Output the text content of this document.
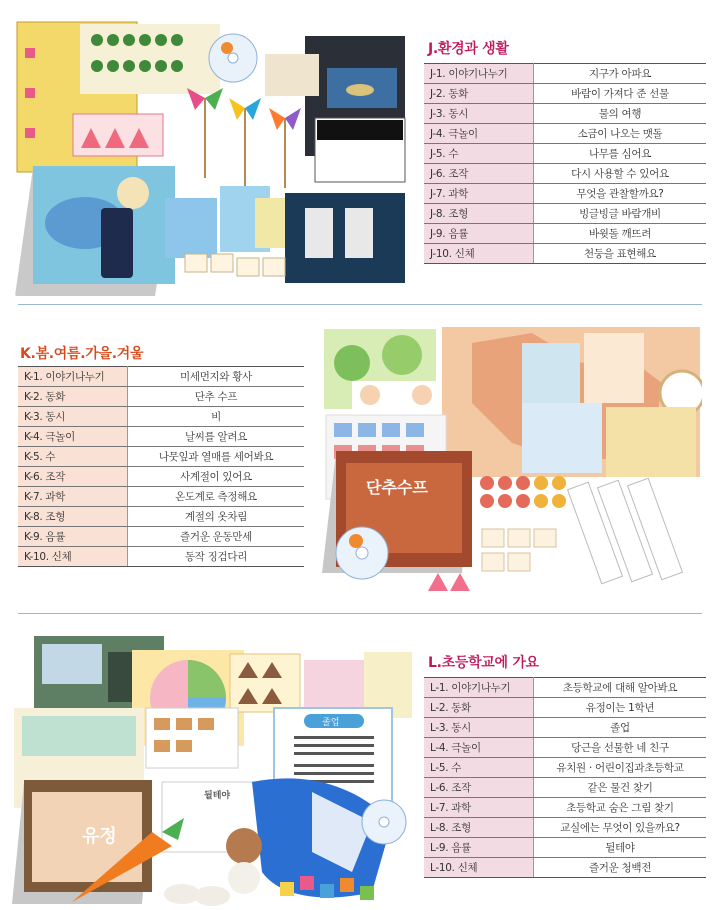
J.환경과 생활
J-1. 이야기나누기	지구가 아파요
J-2. 동화	바람이 가져다 준 선물
J-3. 동시	물의 여행
J-4. 극놀이	소금이 나오는 맷돌
J-5. 수	나무를 심어요
J-6. 조작	다시 사용할 수 있어요
J-7. 과학	무엇을 관찰할까요?
J-8. 조형	빙글빙글 바람개비
J-9. 음률	바윗돌 깨뜨려
J-10. 신체	천둥을 표현해요
K.봄.여름.가을.겨울
K-1. 이야기나누기	미세먼지와 황사
K-2. 동화	단추 수프
K-3. 동시	비
K-4. 극놀이	날씨를 알려요
K-5. 수	나뭇잎과 열매를 세어봐요
K-6. 조작	사계절이 있어요
K-7. 과학	온도계로 측정해요
K-8. 조형	계절의 옷차림
K-9. 음률	즐거운 운동만세
K-10. 신체	동작 징검다리
단추수프
졸업
뒬테야
유정
L.초등학교에 가요
L-1. 이야기나누기	초등학교에 대해 알아봐요
L-2. 동화	유정이는 1학년
L-3. 동시	졸업
L-4. 극놀이	당근을 선물한 네 친구
L-5. 수	유치원 · 어린이집과초등학교
L-6. 조작	같은 물건 찾기
L-7. 과학	초등학교 숨은 그림 찾기
L-8. 조형	교실에는 무엇이 있을까요?
L-9. 음률	뒬테야
L-10. 신체	즐거운 청백전
